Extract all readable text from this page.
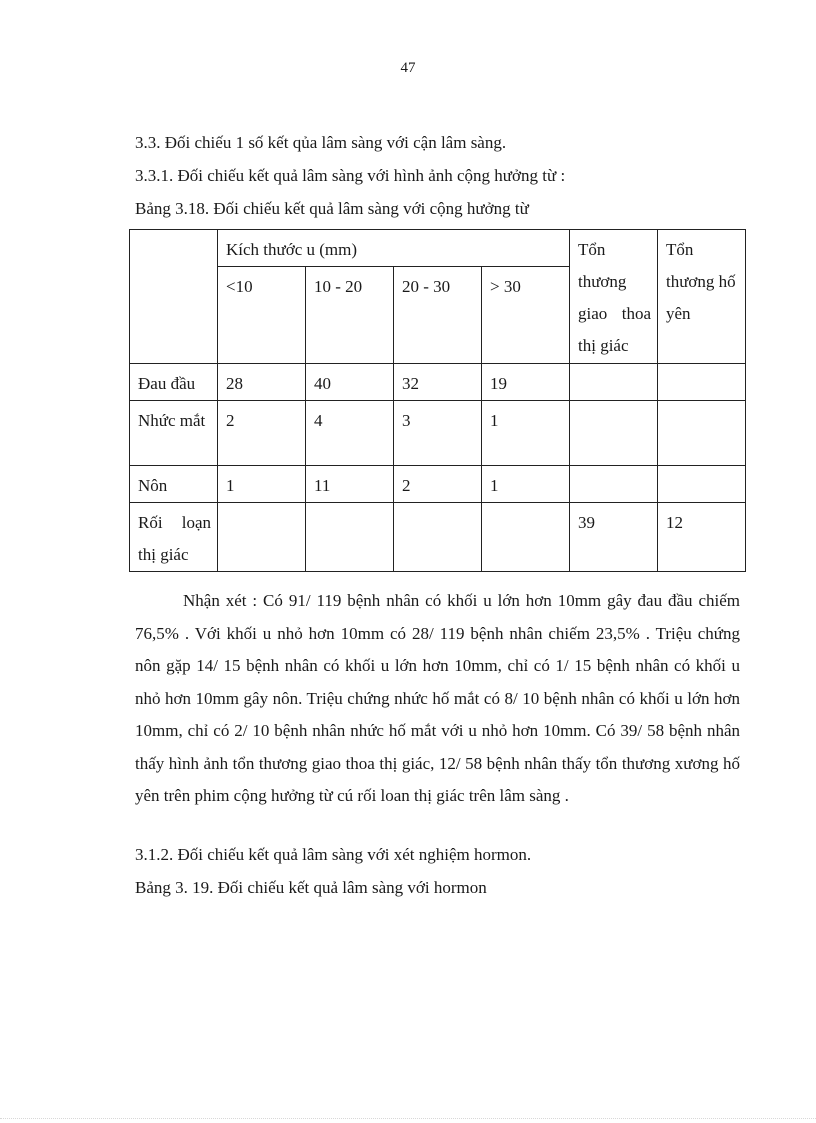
47
3.3. Đối chiếu 1 số kết qủa lâm sàng với cận lâm sàng.
3.3.1. Đối chiếu kết quả lâm sàng với hình ảnh cộng hưởng từ :
Bảng 3.18. Đối chiếu kết quả lâm sàng với cộng hưởng từ
	Kích thước u (mm)				Tổn thương giao thoa thị giác	Tổn thương hố yên
	<10	10 - 20	20 - 30	> 30		
Đau đầu	28	40	32	19		

Nhức mắt	2	4	3	1		
Nôn	1	11	2	1		

Rối loạn thị giác					39	12
Nhận xét : Có 91/ 119 bệnh nhân có khối u lớn hơn 10mm gây đau đầu chiếm 76,5% . Với khối u nhỏ hơn 10mm có 28/ 119 bệnh nhân chiếm 23,5% . Triệu chứng nôn gặp 14/ 15 bệnh nhân có khối u lớn hơn 10mm, chỉ có 1/ 15 bệnh nhân có khối u nhỏ hơn 10mm gây nôn. Triệu chứng nhức hố mắt có 8/ 10 bệnh nhân có khối u lớn hơn 10mm, chỉ có 2/ 10 bệnh nhân nhức hố mắt với u nhỏ hơn 10mm. Có 39/ 58 bệnh nhân thấy hình ảnh tổn thương giao thoa thị giác, 12/ 58 bệnh nhân thấy tổn thương xương hố yên trên phim cộng hưởng từ cú rối loan thị giác trên lâm sàng .
3.1.2. Đối chiếu kết quả lâm sàng với xét nghiệm hormon.
Bảng 3. 19. Đối chiếu kết quả lâm sàng với hormon
